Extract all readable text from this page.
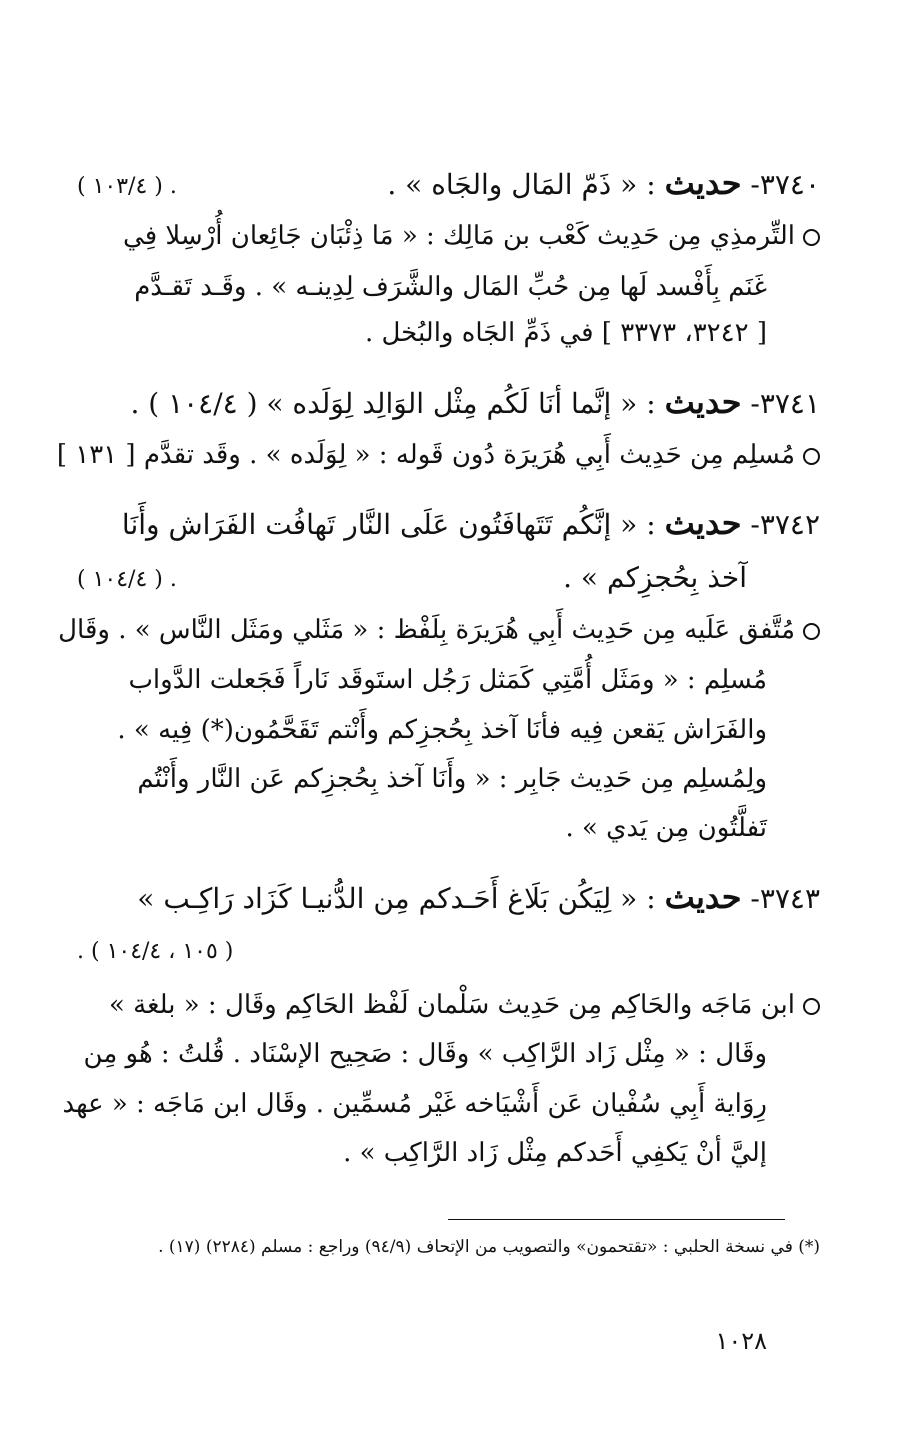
٣٧٤٠- حديث : « ذَمّ المَال والجَاه » .
( ١٠٣/٤ ) .
التِّرمذِي مِن حَدِيث كَعْب بن مَالِك : « مَا ذِئْبَان جَائِعان أُرْسِلا فِي
غَنَم بِأَفْسد لَها مِن حُبِّ المَال والشَّرَف لِدِينـه » . وقَـد تَقـدَّم
[ ٣٢٤٢، ٣٣٧٣ ] في ذَمِّ الجَاه والبُخل .
٣٧٤١- حديث : « إنَّما أنَا لَكُم مِثْل الوَالِد لِوَلَده » ( ١٠٤/٤ ) .
مُسلِم مِن حَدِيث أَبِي هُرَيرَة دُون قَوله : « لِوَلَده » . وقَد تقدَّم [ ١٣١ ]
٣٧٤٢- حديث : « إنَّكُم تَتَهافَتُون عَلَى النَّار تَهافُت الفَرَاش وأَنَا
آخذ بِحُجزِكم » .
( ١٠٤/٤ ) .
مُتَّفق عَلَيه مِن حَدِيث أَبِي هُرَيرَة بِلَفْظ : « مَثَلي ومَثَل النَّاس » . وقَال
مُسلِم : « ومَثَل أُمَّتِي كَمَثل رَجُل استَوقَد نَاراً فَجَعلت الدَّواب
والفَرَاش يَقعن فِيه فأنَا آخذ بِحُجزِكم وأَنْتم تَقَحَّمُون(*) فِيه » .
ولِمُسلِم مِن حَدِيث جَابِر : « وأَنَا آخذ بِحُجزِكم عَن النَّار وأَنْتُم
تَفلَّتُون مِن يَدي » .
٣٧٤٣- حديث : « لِيَكُن بَلَاغ أَحَـدكم مِن الدُّنيـا كَزَاد رَاكِـب »
. ( ١٠٥ ، ١٠٤/٤ )
ابن مَاجَه والحَاكِم مِن حَدِيث سَلْمان لَفْظ الحَاكِم وقَال : « بلغة »
وقَال : « مِثْل زَاد الرَّاكِب » وقَال : صَحِيح الإسْنَاد . قُلتُ : هُو مِن
رِوَاية أَبِي سُفْيان عَن أَشْيَاخه غَيْر مُسمِّين . وقَال ابن مَاجَه : « عهد
إليَّ أنْ يَكفِي أَحَدكم مِثْل زَاد الرَّاكِب » .
(*) في نسخة الحلبي : «تقتحمون» والتصويب من الإتحاف (٩٤/٩) وراجع : مسلم (٢٢٨٤) (١٧) .
١٠٢٨
